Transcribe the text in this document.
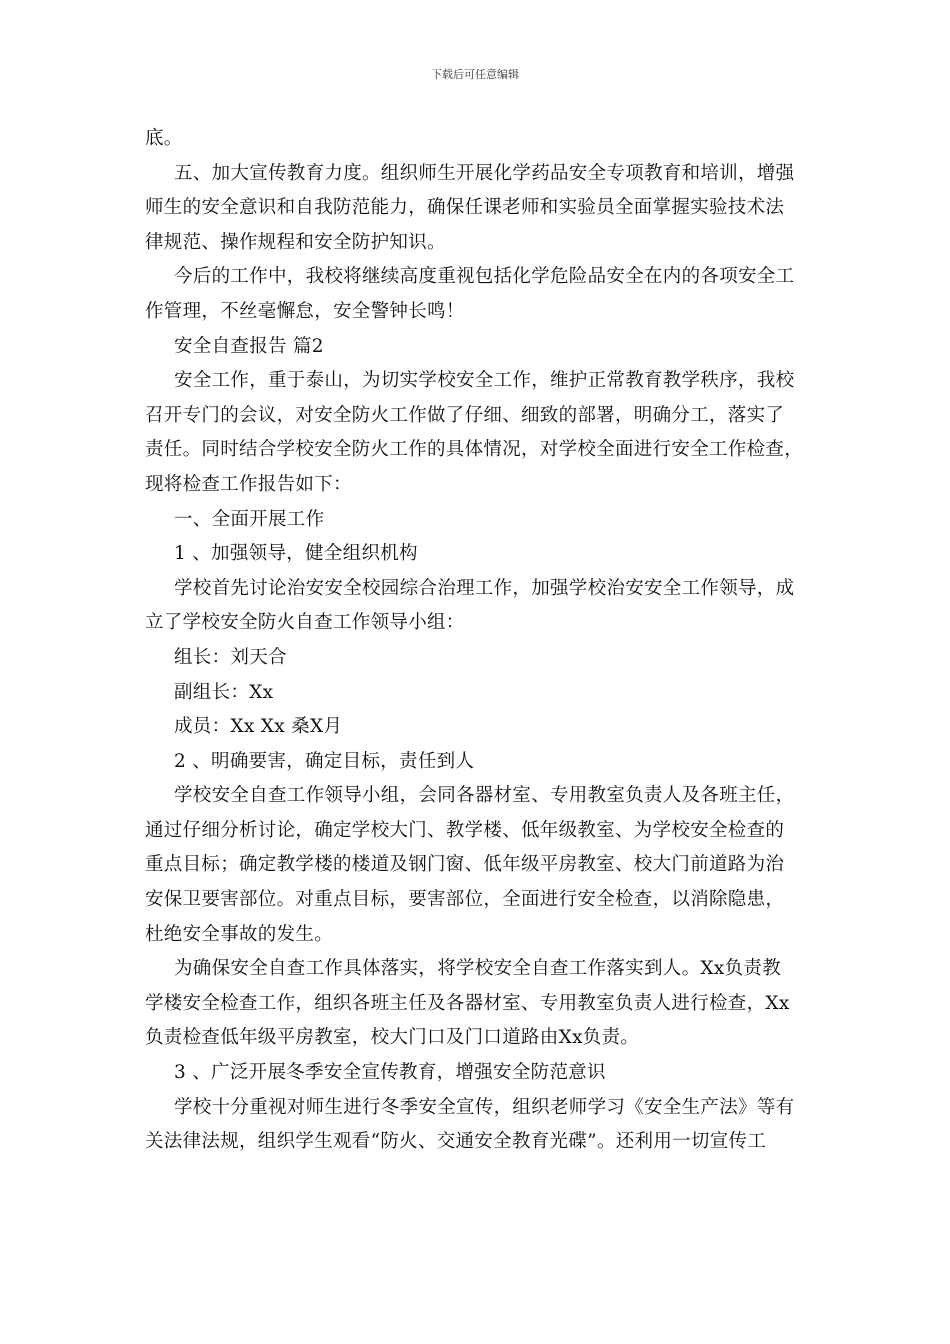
下载后可任意编辑
底。
五、加大宣传教育力度。组织师生开展化学药品安全专项教育和培训，增强
师生的安全意识和自我防范能力，确保任课老师和实验员全面掌握实验技术法
律规范、操作规程和安全防护知识。
今后的工作中，我校将继续高度重视包括化学危险品安全在内的各项安全工
作管理，不丝毫懈怠，安全警钟长鸣！
安全自查报告 篇2
安全工作，重于泰山，为切实学校安全工作，维护正常教育教学秩序，我校
召开专门的会议，对安全防火工作做了仔细、细致的部署，明确分工，落实了
责任。同时结合学校安全防火工作的具体情况，对学校全面进行安全工作检查，
现将检查工作报告如下：
一、全面开展工作
1 、加强领导，健全组织机构
学校首先讨论治安安全校园综合治理工作，加强学校治安安全工作领导，成
立了学校安全防火自查工作领导小组：
组长：刘天合
副组长：Xx
成员：Xx Xx 桑X月
2 、明确要害，确定目标，责任到人
学校安全自查工作领导小组，会同各器材室、专用教室负责人及各班主任，
通过仔细分析讨论，确定学校大门、教学楼、低年级教室、为学校安全检查的
重点目标；确定教学楼的楼道及钢门窗、低年级平房教室、校大门前道路为治
安保卫要害部位。对重点目标，要害部位，全面进行安全检查，以消除隐患，
杜绝安全事故的发生。
为确保安全自查工作具体落实，将学校安全自查工作落实到人。Xx负责教
学楼安全检查工作，组织各班主任及各器材室、专用教室负责人进行检查，Xx
负责检查低年级平房教室，校大门口及门口道路由Xx负责。
3 、广泛开展冬季安全宣传教育，增强安全防范意识
学校十分重视对师生进行冬季安全宣传，组织老师学习《安全生产法》等有
关法律法规，组织学生观看“防火、交通安全教育光碟”。还利用一切宣传工
